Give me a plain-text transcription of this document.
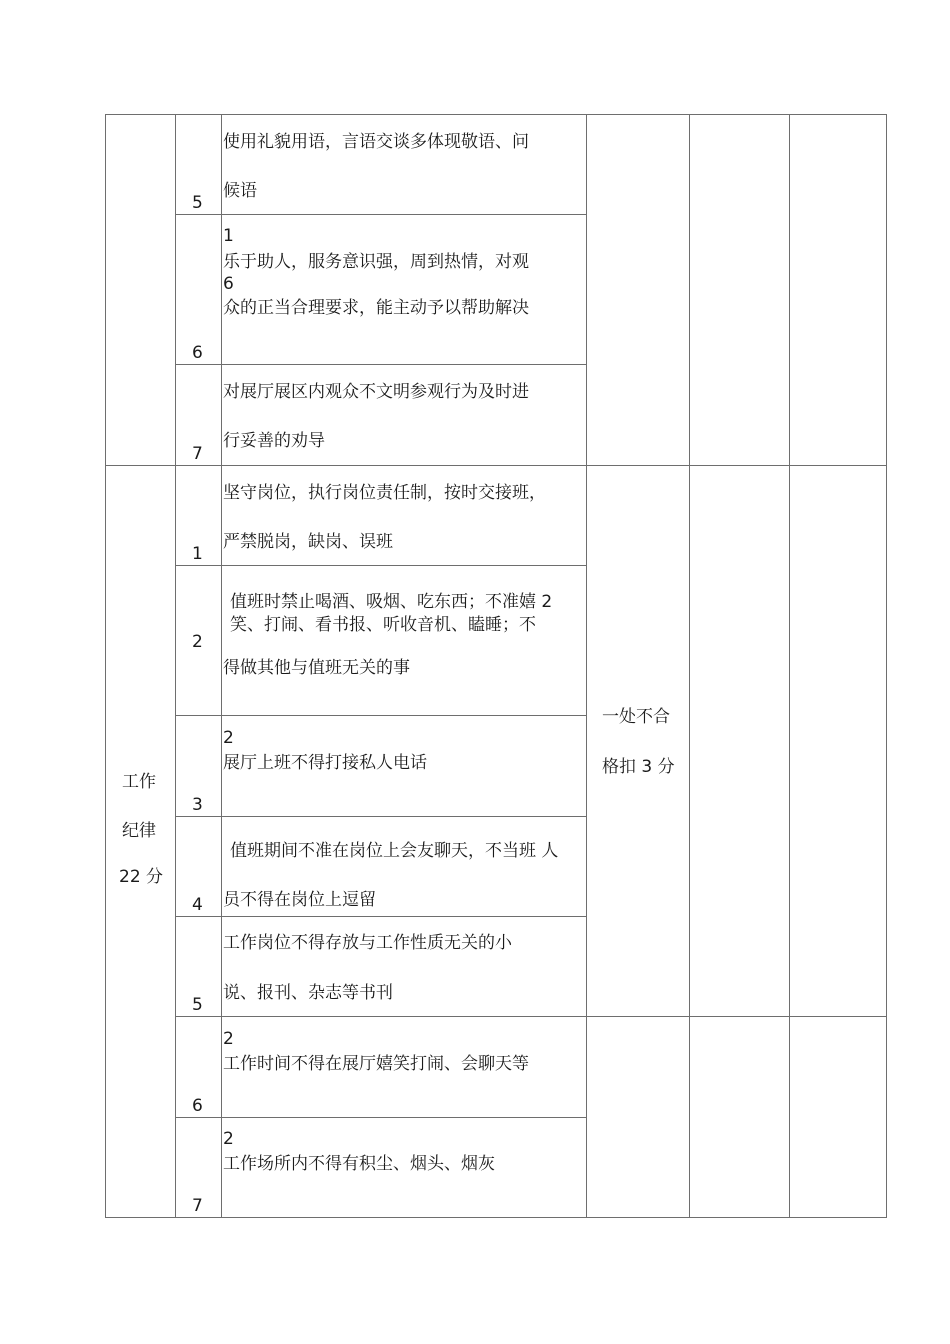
5
使用礼貌用语，言语交谈多体现敬语、问
候语
6
1
乐于助人，服务意识强，周到热情，对观
6
众的正当合理要求，能主动予以帮助解决
7
对展厅展区内观众不文明参观行为及时进
行妥善的劝导
工作
纪律
22 分
一处不合
格扣 3 分
1
坚守岗位，执行岗位责任制，按时交接班，
严禁脱岗，缺岗、误班
2
值班时禁止喝酒、吸烟、吃东西；不准嬉 2
笑、打闹、看书报、听收音机、瞌睡；不
得做其他与值班无关的事
3
2
展厅上班不得打接私人电话
4
值班期间不准在岗位上会友聊天，不当班 人
员不得在岗位上逗留
5
工作岗位不得存放与工作性质无关的小
说、报刊、杂志等书刊
6
2
工作时间不得在展厅嬉笑打闹、会聊天等
7
2
工作场所内不得有积尘、烟头、烟灰
